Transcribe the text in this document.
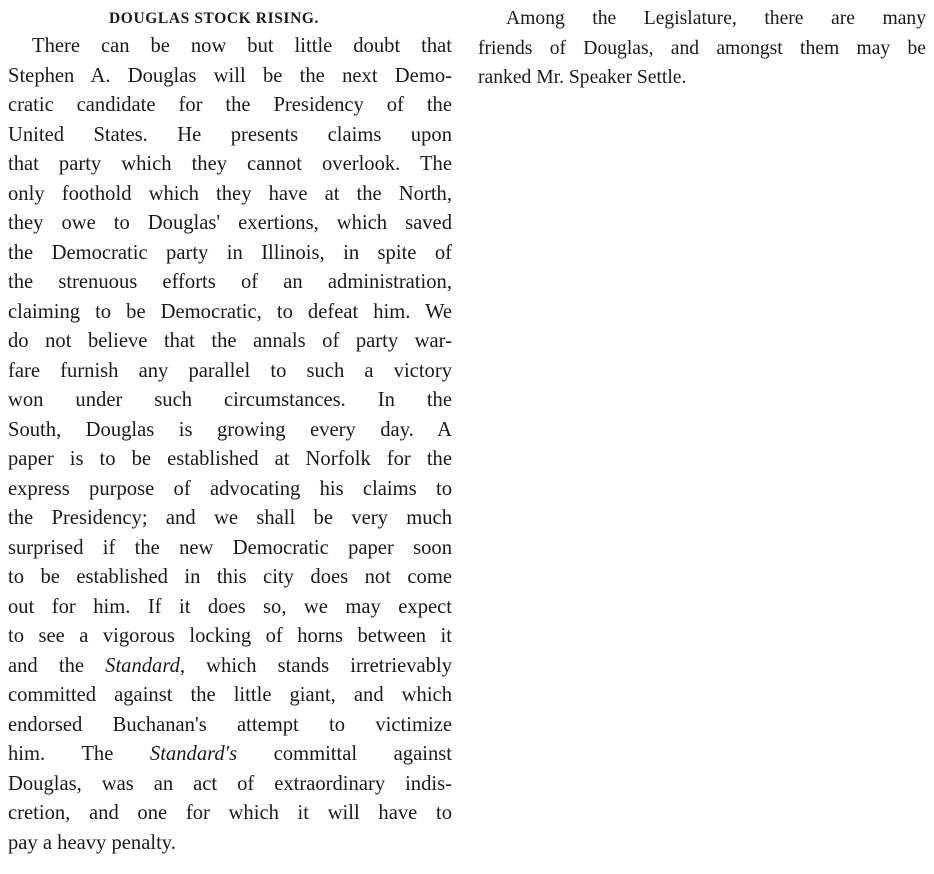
DOUGLAS STOCK RISING.
There can be now but little doubt that
Stephen A. Douglas will be the next Demo-
cratic candidate for the Presidency of the
United States. He presents claims upon
that party which they cannot overlook. The
only foothold which they have at the North,
they owe to Douglas' exertions, which saved
the Democratic party in Illinois, in spite of
the strenuous efforts of an administration,
claiming to be Democratic, to defeat him. We
do not believe that the annals of party war-
fare furnish any parallel to such a victory
won under such circumstances. In the
South, Douglas is growing every day. A
paper is to be established at Norfolk for the
express purpose of advocating his claims to
the Presidency; and we shall be very much
surprised if the new Democratic paper soon
to be established in this city does not come
out for him. If it does so, we may expect
to see a vigorous locking of horns between it
and the Standard, which stands irretrievably
committed against the little giant, and which
endorsed Buchanan's attempt to victimize
him. The Standard's committal against
Douglas, was an act of extraordinary indis-
cretion, and one for which it will have to
pay a heavy penalty.
Among the Legislature, there are many
friends of Douglas, and amongst them may be
ranked Mr. Speaker Settle.
